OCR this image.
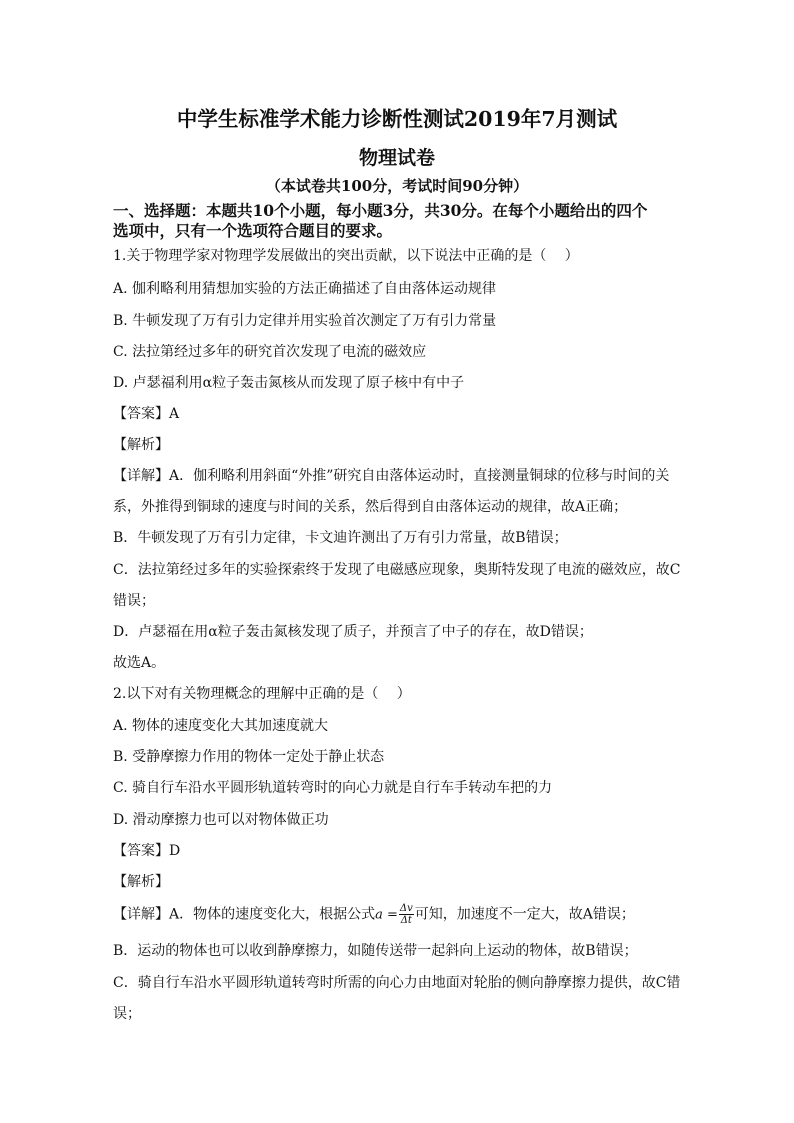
中学生标准学术能力诊断性测试2019年7月测试
物理试卷
（本试卷共100分，考试时间90分钟）
一、选择题：本题共10个小题，每小题3分，共30分。在每个小题给出的四个
选项中，只有一个选项符合题目的要求。
1.关于物理学家对物理学发展做出的突出贡献，以下说法中正确的是（　 ）
A. 伽利略利用猜想加实验的方法正确描述了自由落体运动规律
B. 牛顿发现了万有引力定律并用实验首次测定了万有引力常量
C. 法拉第经过多年的研究首次发现了电流的磁效应
D. 卢瑟福利用α粒子轰击氮核从而发现了原子核中有中子
【答案】A
【解析】
【详解】A．伽利略利用斜面“外推”研究自由落体运动时，直接测量铜球的位移与时间的关
系，外推得到铜球的速度与时间的关系，然后得到自由落体运动的规律，故A正确；
B．牛顿发现了万有引力定律，卡文迪许测出了万有引力常量，故B错误；
C．法拉第经过多年的实验探索终于发现了电磁感应现象，奥斯特发现了电流的磁效应，故C
错误；
D．卢瑟福在用α粒子轰击氮核发现了质子，并预言了中子的存在，故D错误；
故选A。
2.以下对有关物理概念的理解中正确的是（　 ）
A. 物体的速度变化大其加速度就大
B. 受静摩擦力作用的物体一定处于静止状态
C. 骑自行车沿水平圆形轨道转弯时的向心力就是自行车手转动车把的力
D. 滑动摩擦力也可以对物体做正功
【答案】D
【解析】
【详解】A．物体的速度变化大，根据公式$a = \frac{\Delta v}{\Delta t}$ 可知，加速度不一定大，故A错误；
B．运动的物体也可以收到静摩擦力，如随传送带一起斜向上运动的物体，故B错误；
C．骑自行车沿水平圆形轨道转弯时所需的向心力由地面对轮胎的侧向静摩擦力提供，故C错
误；
